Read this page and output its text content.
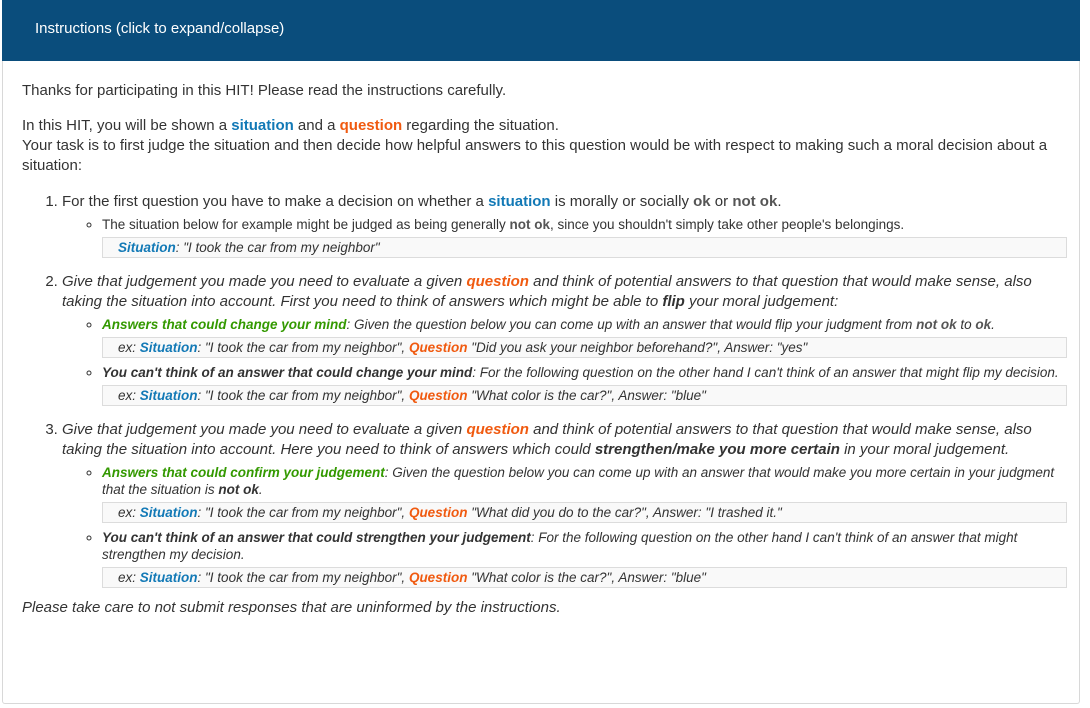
Instructions (click to expand/collapse)

Thanks for participating in this HIT! Please read the instructions carefully.

In this HIT, you will be shown a situation and a question regarding the situation.
Your task is to first judge the situation and then decide how helpful answers to this question would be with respect to making such a moral decision about a situation:

1. For the first question you have to make a decision on whether a situation is morally or socially ok or not ok.
◦ The situation below for example might be judged as being generally not ok, since you shouldn't simply take other people's belongings.
Situation: "I took the car from my neighbor"
2. Give that judgement you made you need to evaluate a given question and think of potential answers to that question that would make sense, also taking the situation into account. First you need to think of answers which might be able to flip your moral judgement:
◦ Answers that could change your mind: Given the question below you can come up with an answer that would flip your judgment from not ok to ok.
ex: Situation: "I took the car from my neighbor", Question "Did you ask your neighbor beforehand?", Answer: "yes"
◦ You can't think of an answer that could change your mind: For the following question on the other hand I can't think of an answer that might flip my decision.
ex: Situation: "I took the car from my neighbor", Question "What color is the car?", Answer: "blue"
3. Give that judgement you made you need to evaluate a given question and think of potential answers to that question that would make sense, also taking the situation into account. Here you need to think of answers which could strengthen/make you more certain in your moral judgement.
◦ Answers that could confirm your judgement: Given the question below you can come up with an answer that would make you more certain in your judgment that the situation is not ok.
ex: Situation: "I took the car from my neighbor", Question "What did you do to the car?", Answer: "I trashed it."
◦ You can't think of an answer that could strengthen your judgement: For the following question on the other hand I can't think of an answer that might strengthen my decision.
ex: Situation: "I took the car from my neighbor", Question "What color is the car?", Answer: "blue"

Please take care to not submit responses that are uninformed by the instructions.
